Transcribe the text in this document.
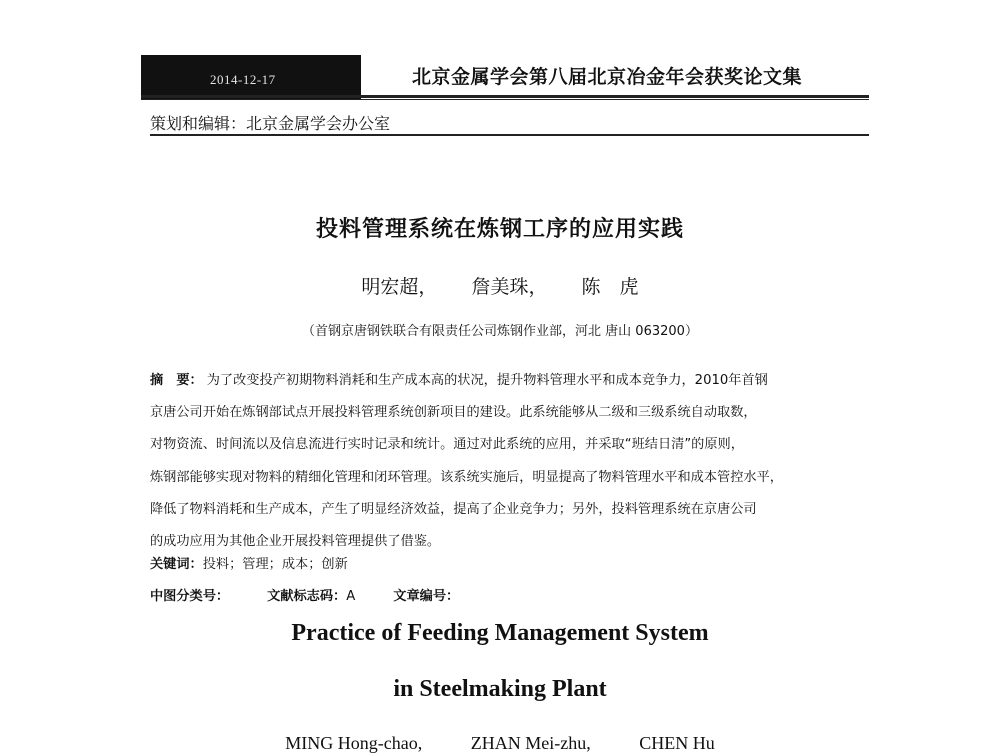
2014-12-17	北京金属学会第八届北京冶金年会获奖论文集
策划和编辑：北京金属学会办公室
投料管理系统在炼钢工序的应用实践
明宏超， 詹美珠， 陈　虎
（首钢京唐钢铁联合有限责任公司炼钢作业部，河北 唐山 063200）
摘　要： 为了改变投产初期物料消耗和生产成本高的状况，提升物料管理水平和成本竞争力，2010年首钢
京唐公司开始在炼钢部试点开展投料管理系统创新项目的建设。此系统能够从二级和三级系统自动取数，
对物资流、时间流以及信息流进行实时记录和统计。通过对此系统的应用，并采取“班结日清”的原则，
炼钢部能够实现对物料的精细化管理和闭环管理。该系统实施后，明显提高了物料管理水平和成本管控水平，
降低了物料消耗和生产成本，产生了明显经济效益，提高了企业竞争力；另外，投料管理系统在京唐公司
的成功应用为其他企业开展投料管理提供了借鉴。
关键词：投料；管理；成本；创新
中图分类号：	文献标志码：A	文章编号：
Practice of Feeding Management System
in Steelmaking Plant
MING Hong-chao,	ZHAN Mei-zhu,	CHEN Hu
